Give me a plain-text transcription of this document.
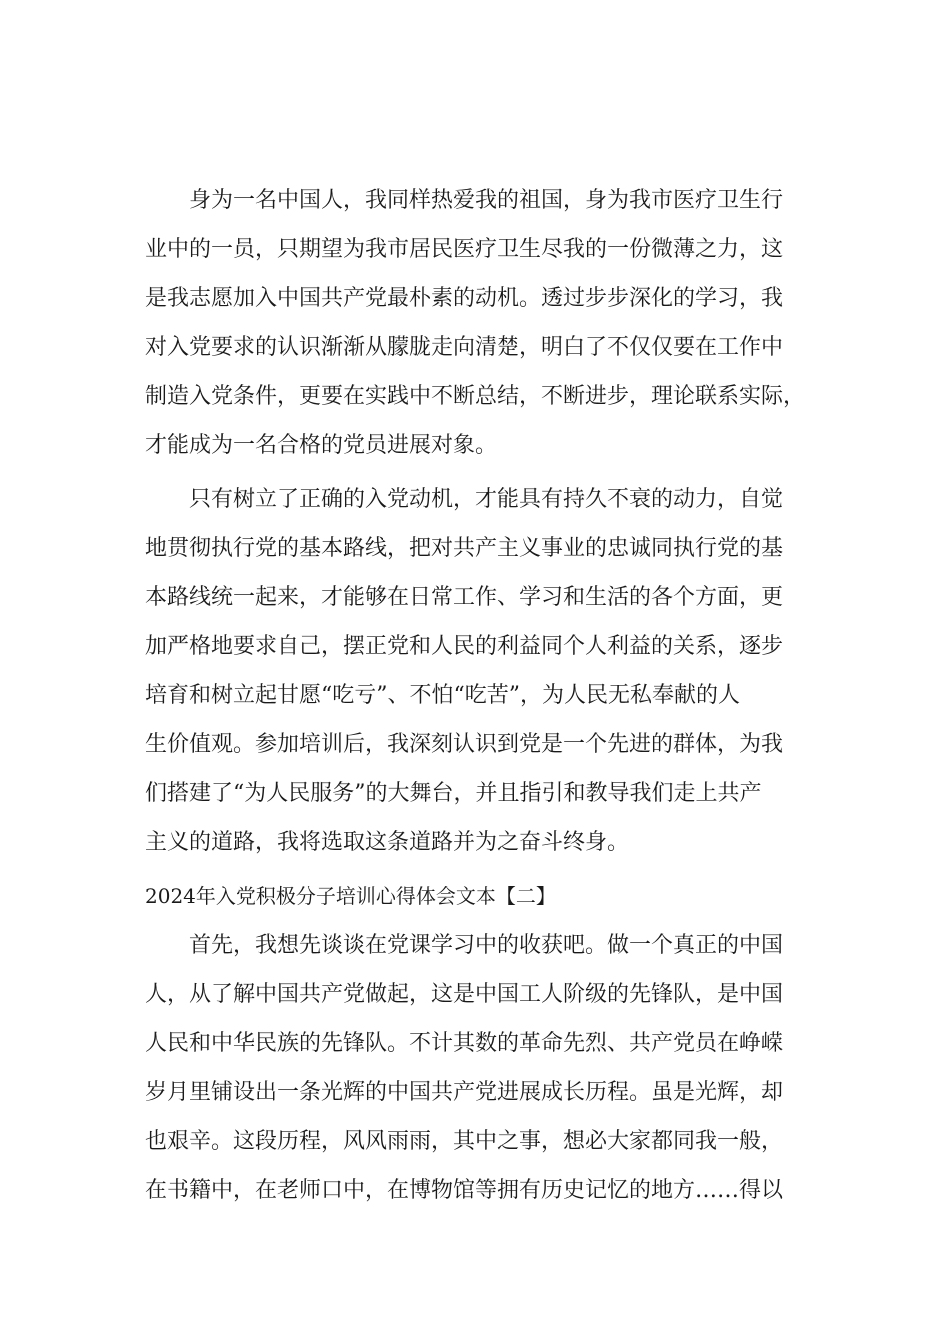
身为一名中国人，我同样热爱我的祖国，身为我市医疗卫生行
业中的一员，只期望为我市居民医疗卫生尽我的一份微薄之力，这
是我志愿加入中国共产党最朴素的动机。透过步步深化的学习，我
对入党要求的认识渐渐从朦胧走向清楚，明白了不仅仅要在工作中
制造入党条件，更要在实践中不断总结，不断进步，理论联系实际，
才能成为一名合格的党员进展对象。

只有树立了正确的入党动机，才能具有持久不衰的动力，自觉
地贯彻执行党的基本路线，把对共产主义事业的忠诚同执行党的基
本路线统一起来，才能够在日常工作、学习和生活的各个方面，更
加严格地要求自己，摆正党和人民的利益同个人利益的关系，逐步
培育和树立起甘愿“吃亏”、不怕“吃苦”，为人民无私奉献的人
生价值观。参加培训后，我深刻认识到党是一个先进的群体，为我
们搭建了“为人民服务”的大舞台，并且指引和教导我们走上共产
主义的道路，我将选取这条道路并为之奋斗终身。

2024年入党积极分子培训心得体会文本【二】

首先，我想先谈谈在党课学习中的收获吧。做一个真正的中国
人，从了解中国共产党做起，这是中国工人阶级的先锋队，是中国
人民和中华民族的先锋队。不计其数的革命先烈、共产党员在峥嵘
岁月里铺设出一条光辉的中国共产党进展成长历程。虽是光辉，却
也艰辛。这段历程，风风雨雨，其中之事，想必大家都同我一般，
在书籍中，在老师口中，在博物馆等拥有历史记忆的地方……得以
